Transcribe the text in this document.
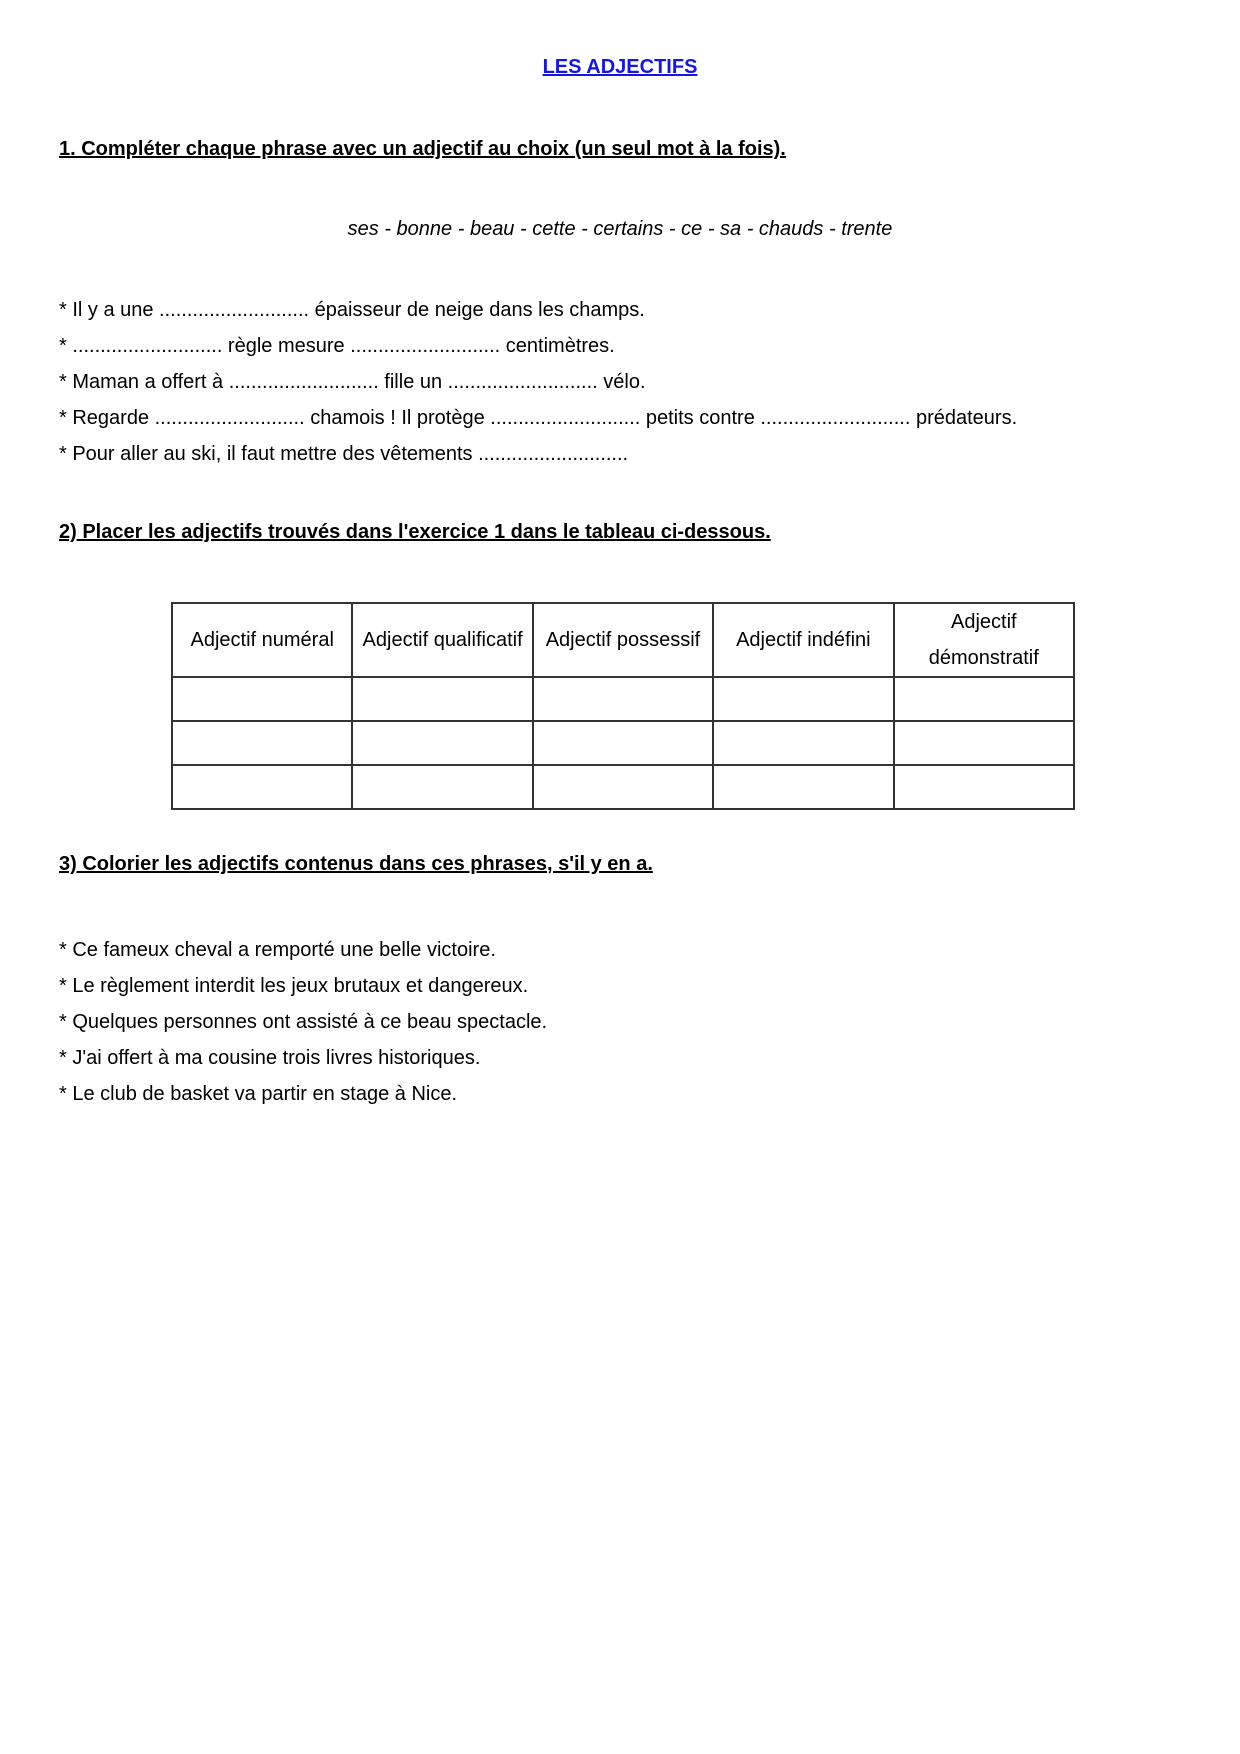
LES ADJECTIFS
1. Compléter chaque phrase avec un adjectif au choix (un seul mot à la fois).
ses - bonne - beau - cette - certains - ce - sa - chauds - trente
* Il y a une ........................... épaisseur de neige dans les champs.
* ........................... règle mesure ........................... centimètres.
* Maman a offert à ........................... fille un ........................... vélo.
* Regarde ........................... chamois ! Il protège ........................... petits contre ........................... prédateurs.
* Pour aller au ski, il faut mettre des vêtements ...........................
2) Placer les adjectifs trouvés dans l'exercice 1 dans le tableau ci-dessous.
Adjectif numéral	Adjectif qualificatif	Adjectif possessif	Adjectif indéfini	Adjectif démonstratif

3) Colorier les adjectifs contenus dans ces phrases, s'il y en a.
* Ce fameux cheval a remporté une belle victoire.
* Le règlement interdit les jeux brutaux et dangereux.
* Quelques personnes ont assisté à ce beau spectacle.
* J'ai offert à ma cousine trois livres historiques.
* Le club de basket va partir en stage à Nice.
